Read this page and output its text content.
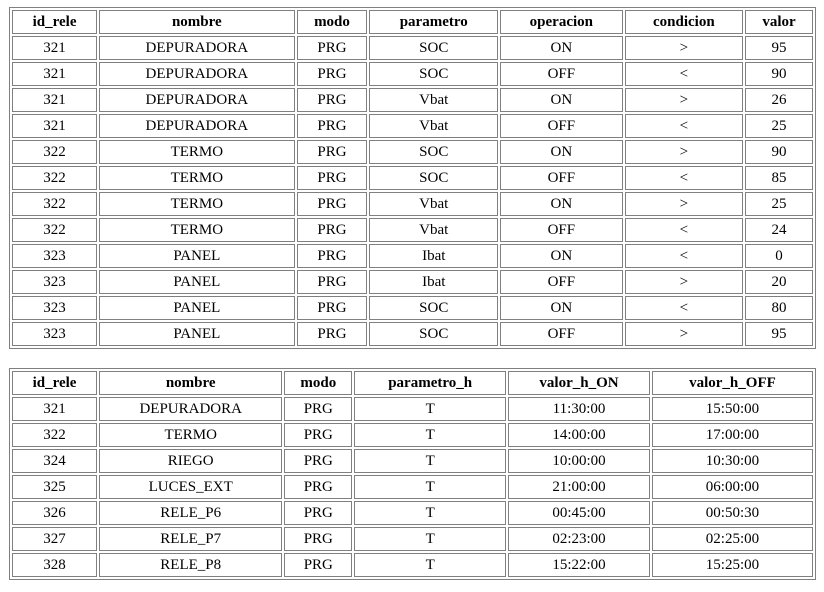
id_rele	nombre	modo	parametro	operacion	condicion	valor
321	DEPURADORA	PRG	SOC	ON	>	95
321	DEPURADORA	PRG	SOC	OFF	<	90
321	DEPURADORA	PRG	Vbat	ON	>	26
321	DEPURADORA	PRG	Vbat	OFF	<	25
322	TERMO	PRG	SOC	ON	>	90
322	TERMO	PRG	SOC	OFF	<	85
322	TERMO	PRG	Vbat	ON	>	25
322	TERMO	PRG	Vbat	OFF	<	24
323	PANEL	PRG	Ibat	ON	<	0
323	PANEL	PRG	Ibat	OFF	>	20
323	PANEL	PRG	SOC	ON	<	80
323	PANEL	PRG	SOC	OFF	>	95
id_rele	nombre	modo	parametro_h	valor_h_ON	valor_h_OFF
321	DEPURADORA	PRG	T	11:30:00	15:50:00
322	TERMO	PRG	T	14:00:00	17:00:00
324	RIEGO	PRG	T	10:00:00	10:30:00
325	LUCES_EXT	PRG	T	21:00:00	06:00:00
326	RELE_P6	PRG	T	00:45:00	00:50:30
327	RELE_P7	PRG	T	02:23:00	02:25:00
328	RELE_P8	PRG	T	15:22:00	15:25:00
